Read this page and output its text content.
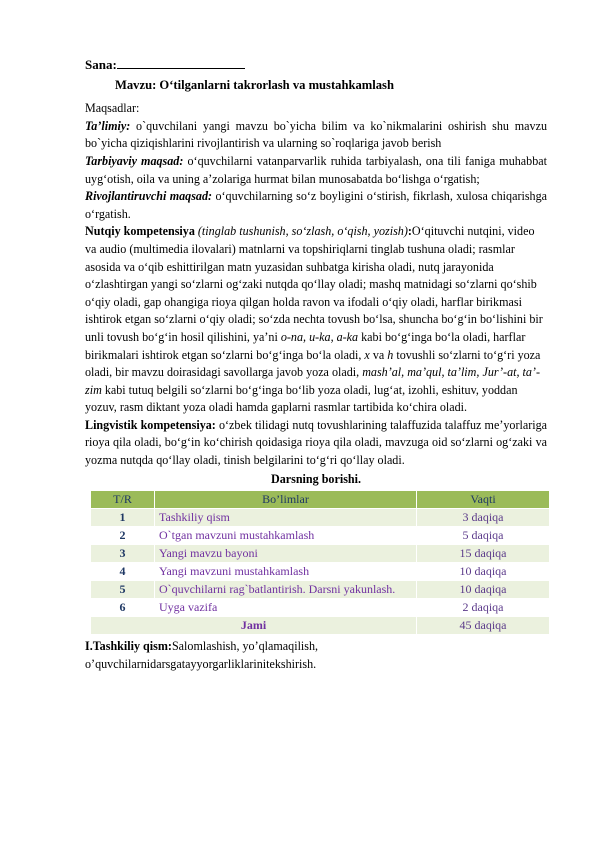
Sana:

Mavzu: O‘tilganlarni takrorlash va mustahkamlash

Maqsadlar:

Ta’limiy: o`quvchilani yangi mavzu bo`yicha bilim va ko`nikmalarini oshirish shu mavzu bo`yicha qiziqishlarini rivojlantirish va ularning so`roqlariga javob berish

Tarbiyaviy maqsad: o‘quvchilarni vatanparvarlik ruhida tarbiyalash, ona tili faniga muhabbat uyg‘otish, oila va uning a’zolariga hurmat bilan munosabatda bo‘lishga o‘rgatish;

Rivojlantiruvchi maqsad: o‘quvchilarning so‘z boyligini o‘stirish, fikrlash, xulosa chiqarishga o‘rgatish.

Nutqiy kompetensiya (tinglab tushunish, so‘zlash, o‘qish, yozish):O‘qituvchi nutqini, video va audio (multimedia ilovalari) matnlarni va topshiriqlarni tinglab tushuna oladi; rasmlar asosida va o‘qib eshittirilgan matn yuzasidan suhbatga kirisha oladi, nutq jarayonida o‘zlashtirgan yangi so‘zlarni og‘zaki nutqda qo‘llay oladi; mashq matnidagi so‘zlarni qo‘shib o‘qiy oladi, gap ohangiga rioya qilgan holda ravon va ifodali o‘qiy oladi, harflar birikmasi ishtirok etgan so‘zlarni o‘qiy oladi; so‘zda nechta tovush bo‘lsa, shuncha bo‘g‘in bo‘lishini bir unli tovush bo‘g‘in hosil qilishini, ya’ni o-na, u-ka, a-ka kabi bo‘g‘inga bo‘la oladi, harflar birikmalari ishtirok etgan so‘zlarni bo‘g‘inga bo‘la oladi, x va h tovushli so‘zlarni to‘g‘ri yoza oladi, bir mavzu doirasidagi savollarga javob yoza oladi, mash’al, ma’qul, ta’lim, Jur’-at, ta’-zim kabi tutuq belgili so‘zlarni bo‘g‘inga bo‘lib yoza oladi, lug‘at, izohli, eshituv, yoddan yozuv, rasm diktant yoza oladi hamda gaplarni rasmlar tartibida ko‘chira oladi.

Lingvistik kompetensiya: o‘zbek tilidagi nutq tovushlarining talaffuzida talaffuz me’yorlariga rioya qila oladi, bo‘g‘in ko‘chirish qoidasiga rioya qila oladi, mavzuga oid so‘zlarni og‘zaki va yozma nutqda qo‘llay oladi, tinish belgilarini to‘g‘ri qo‘llay oladi.

Darsning borishi.

T/R	Bo’limlar	Vaqti
1	Tashkiliy qism	3 daqiqa
2	O`tgan mavzuni mustahkamlash	5 daqiqa
3	Yangi mavzu bayoni	15 daqiqa
4	Yangi mavzuni mustahkamlash	10 daqiqa
5	O`quvchilarni rag`batlantirish. Darsni yakunlash.	10 daqiqa
6	Uyga vazifa	2 daqiqa
Jami		45 daqiqa

I.Tashkiliy qism:Salomlashish, yo’qlamaqilish, o’quvchilarnidarsgatayyorgarliklarinitekshirish.
